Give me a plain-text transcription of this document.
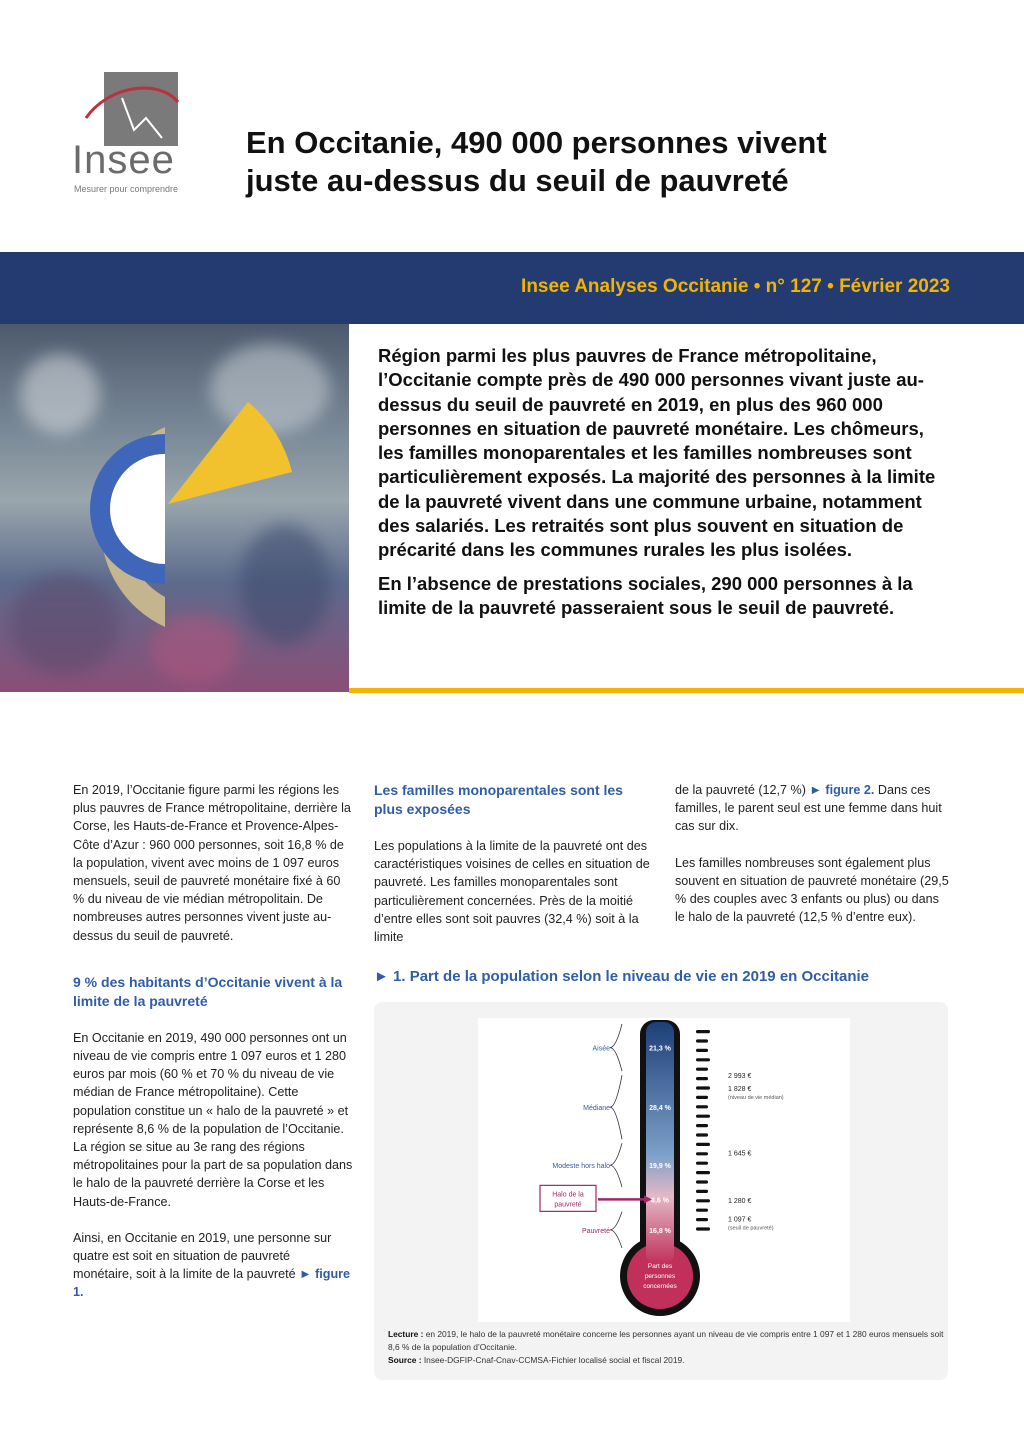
Insee
Mesurer pour comprendre
En Occitanie, 490 000 personnes vivent
juste au-dessus du seuil de pauvreté
Insee Analyses Occitanie • n° 127 • Février 2023

Région parmi les plus pauvres de France métropolitaine, l’Occitanie compte près de 490 000 personnes vivant juste au-dessus du seuil de pauvreté en 2019, en plus des 960 000 personnes en situation de pauvreté monétaire. Les chômeurs, les familles monoparentales et les familles nombreuses sont particulièrement exposés. La majorité des personnes à la limite de la pauvreté vivent dans une commune urbaine, notamment des salariés. Les retraités sont plus souvent en situation de précarité dans les communes rurales les plus isolées.

En l’absence de prestations sociales, 290 000 personnes à la limite de la pauvreté passeraient sous le seuil de pauvreté.

En 2019, l’Occitanie figure parmi les régions les plus pauvres de France métropolitaine, derrière la Corse, les Hauts-de-France et Provence-Alpes-Côte d’Azur : 960 000 personnes, soit 16,8 % de la population, vivent avec moins de 1 097 euros mensuels, seuil de pauvreté monétaire fixé à 60 % du niveau de vie médian métropolitain. De nombreuses autres personnes vivent juste au-dessus du seuil de pauvreté.

9 % des habitants d’Occitanie vivent à la limite de la pauvreté

En Occitanie en 2019, 490 000 personnes ont un niveau de vie compris entre 1 097 euros et 1 280 euros par mois (60 % et 70 % du niveau de vie médian de France métropolitaine). Cette population constitue un « halo de la pauvreté » et représente 8,6 % de la population de l’Occitanie. La région se situe au 3e rang des régions métropolitaines pour la part de sa population dans le halo de la pauvreté derrière la Corse et les Hauts-de-France.

Ainsi, en Occitanie en 2019, une personne sur quatre est soit en situation de pauvreté monétaire, soit à la limite de la pauvreté ► figure 1.

Les familles monoparentales sont les plus exposées

Les populations à la limite de la pauvreté ont des caractéristiques voisines de celles en situation de pauvreté. Les familles monoparentales sont particulièrement concernées. Près de la moitié d’entre elles sont soit pauvres (32,4 %) soit à la limite

de la pauvreté (12,7 %) ► figure 2. Dans ces familles, le parent seul est une femme dans huit cas sur dix.

Les familles nombreuses sont également plus souvent en situation de pauvreté monétaire (29,5 % des couples avec 3 enfants ou plus) ou dans le halo de la pauvreté (12,5 % d’entre eux).

► 1. Part de la population selon le niveau de vie en 2019 en Occitanie
Part des
personnes
concernées
21,3 %
Aisée
28,4 %
Médiane
19,9 %
Modeste hors halo
8,6 %
Halo de la
pauvreté
16,8 %
Pauvreté
2 993 €
1 828 €
(niveau de vie médian)
1 645 €
1 280 €
1 097 €
(seuil de pauvreté)
Lecture : en 2019, le halo de la pauvreté monétaire concerne les personnes ayant un niveau de vie compris entre 1 097 et 1 280 euros mensuels soit 8,6 % de la population d’Occitanie.
Source : Insee-DGFIP-Cnaf-Cnav-CCMSA-Fichier localisé social et fiscal 2019.
